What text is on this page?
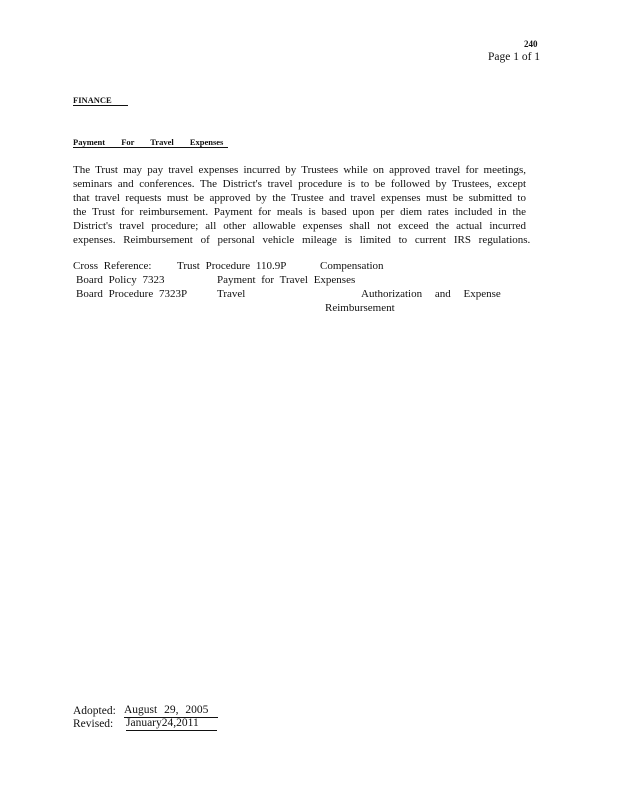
240
Page 1 of 1
FINANCE
Payment For Travel Expenses
The Trust may pay travel expenses incurred by Trustees while on approved travel for meetings,
seminars and conferences. The District's travel procedure is to be followed by Trustees, except
that travel requests must be approved by the Trustee and travel expenses must be submitted to
the Trust for reimbursement. Payment for meals is based upon per diem rates included in the
District's travel procedure; all other allowable expenses shall not exceed the actual incurred
expenses. Reimbursement of personal vehicle mileage is limited to current IRS regulations.
Cross Reference: Trust Procedure 110.9P	Compensation
Board Policy 7323	Payment for Travel Expenses
Board Procedure 7323P	Travel	Authorization and Expense
Reimbursement
Adopted: August 29, 2005
Revised: January24,2011
